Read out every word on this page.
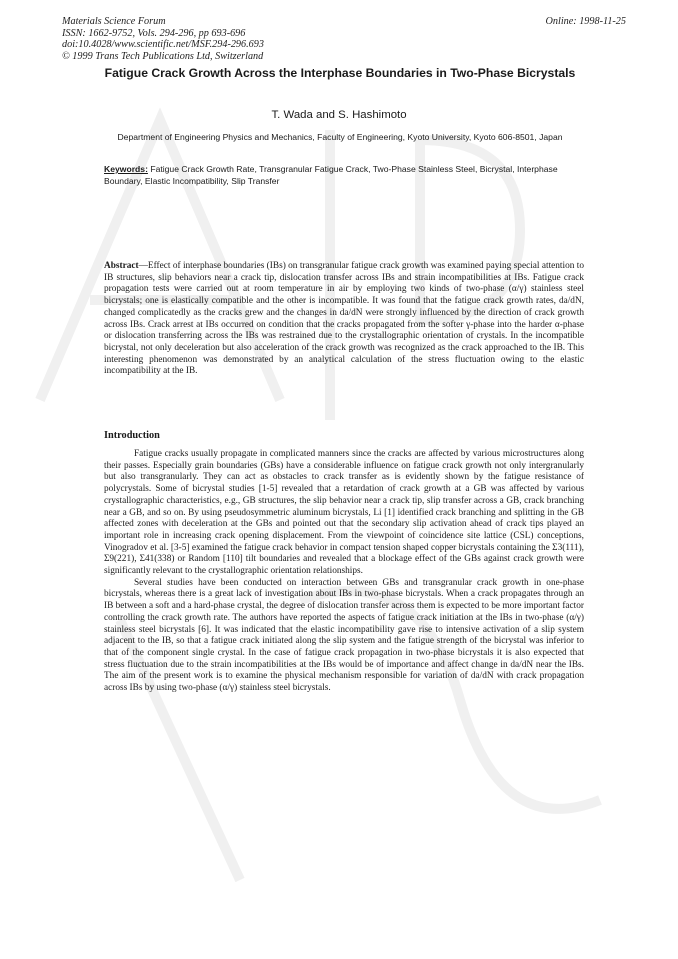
Materials Science Forum
ISSN: 1662-9752, Vols. 294-296, pp 693-696
doi:10.4028/www.scientific.net/MSF.294-296.693
© 1999 Trans Tech Publications Ltd, Switzerland
Online: 1998-11-25
Fatigue Crack Growth Across the Interphase Boundaries in Two-Phase Bicrystals
T. Wada and S. Hashimoto
Department of Engineering Physics and Mechanics, Faculty of Engineering, Kyoto University, Kyoto 606-8501, Japan
Keywords: Fatigue Crack Growth Rate, Transgranular Fatigue Crack, Two-Phase Stainless Steel, Bicrystal, Interphase Boundary, Elastic Incompatibility, Slip Transfer

Abstract—Effect of interphase boundaries (IBs) on transgranular fatigue crack growth was examined paying special attention to IB structures, slip behaviors near a crack tip, dislocation transfer across IBs and strain incompatibilities at IBs. Fatigue crack propagation tests were carried out at room temperature in air by employing two kinds of two-phase (α/γ) stainless steel bicrystals; one is elastically compatible and the other is incompatible. It was found that the fatigue crack growth rates, da/dN, changed complicatedly as the cracks grew and the changes in da/dN were strongly influenced by the direction of crack growth across IBs. Crack arrest at IBs occurred on condition that the cracks propagated from the softer γ-phase into the harder α-phase or dislocation transferring across the IBs was restrained due to the crystallographic orientation of crystals. In the incompatible bicrystal, not only deceleration but also acceleration of the crack growth was recognized as the crack approached to the IB. This interesting phenomenon was demonstrated by an analytical calculation of the stress fluctuation owing to the elastic incompatibility at the IB.

Introduction

Fatigue cracks usually propagate in complicated manners since the cracks are affected by various microstructures along their passes. Especially grain boundaries (GBs) have a considerable influence on fatigue crack growth not only intergranularly but also transgranularly. They can act as obstacles to crack transfer as is evidently shown by the fatigue resistance of polycrystals. Some of bicrystal studies [1-5] revealed that a retardation of crack growth at a GB was affected by various crystallographic characteristics, e.g., GB structures, the slip behavior near a crack tip, slip transfer across a GB, crack branching near a GB, and so on. By using pseudosymmetric aluminum bicrystals, Li [1] identified crack branching and splitting in the GB affected zones with deceleration at the GBs and pointed out that the secondary slip activation ahead of crack tips played an important role in increasing crack opening displacement. From the viewpoint of coincidence site lattice (CSL) conceptions, Vinogradov et al. [3-5] examined the fatigue crack behavior in compact tension shaped copper bicrystals containing the Σ3(111), Σ9(221), Σ41(338) or Random [110] tilt boundaries and revealed that a blockage effect of the GBs against crack growth were significantly relevant to the crystallographic orientation relationships.

Several studies have been conducted on interaction between GBs and transgranular crack growth in one-phase bicrystals, whereas there is a great lack of investigation about IBs in two-phase bicrystals. When a crack propagates through an IB between a soft and a hard-phase crystal, the degree of dislocation transfer across them is expected to be more important factor controlling the crack growth rate. The authors have reported the aspects of fatigue crack initiation at the IBs in two-phase (α/γ) stainless steel bicrystals [6]. It was indicated that the elastic incompatibility gave rise to intensive activation of a slip system adjacent to the IB, so that a fatigue crack initiated along the slip system and the fatigue strength of the bicrystal was inferior to that of the component single crystal. In the case of fatigue crack propagation in two-phase bicrystals it is also expected that stress fluctuation due to the strain incompatibilities at the IBs would be of importance and affect change in da/dN near the IBs. The aim of the present work is to examine the physical mechanism responsible for variation of da/dN with crack propagation across IBs by using two-phase (α/γ) stainless steel bicrystals.
